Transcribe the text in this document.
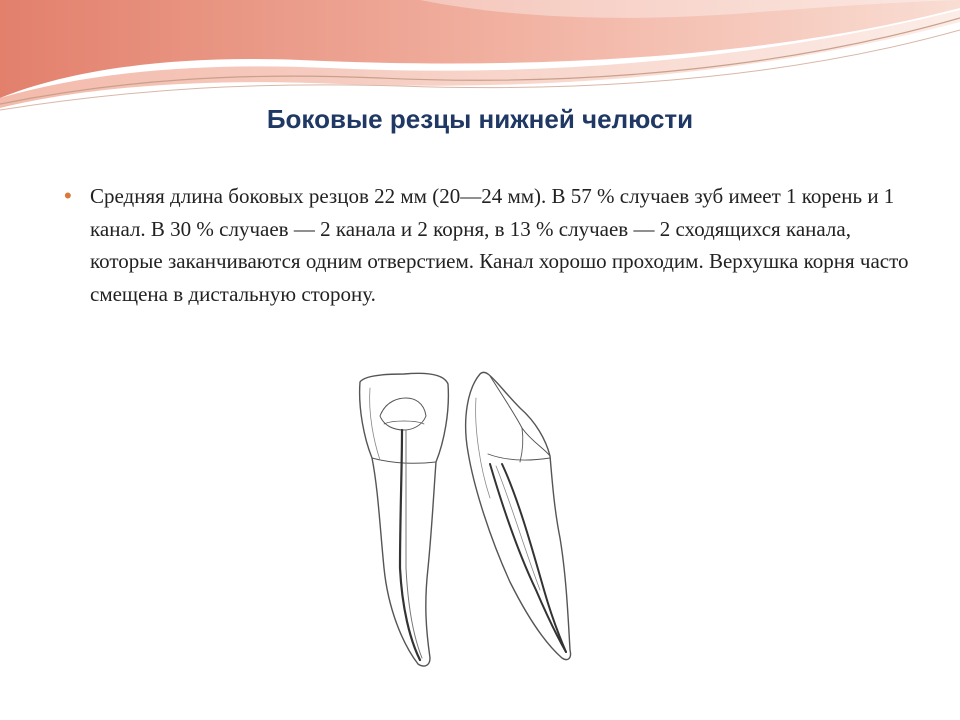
Боковые резцы нижней челюсти
• Средняя длина боковых резцов 22 мм (20—24 мм). В 57 % случаев зуб имеет 1 корень и 1 канал. В 30 % случаев — 2 канала и 2 корня, в 13 % случаев — 2 сходящихся канала, которые заканчиваются одним отверстием. Канал хорошо проходим. Верхушка корня часто смещена в дистальную сторону.
